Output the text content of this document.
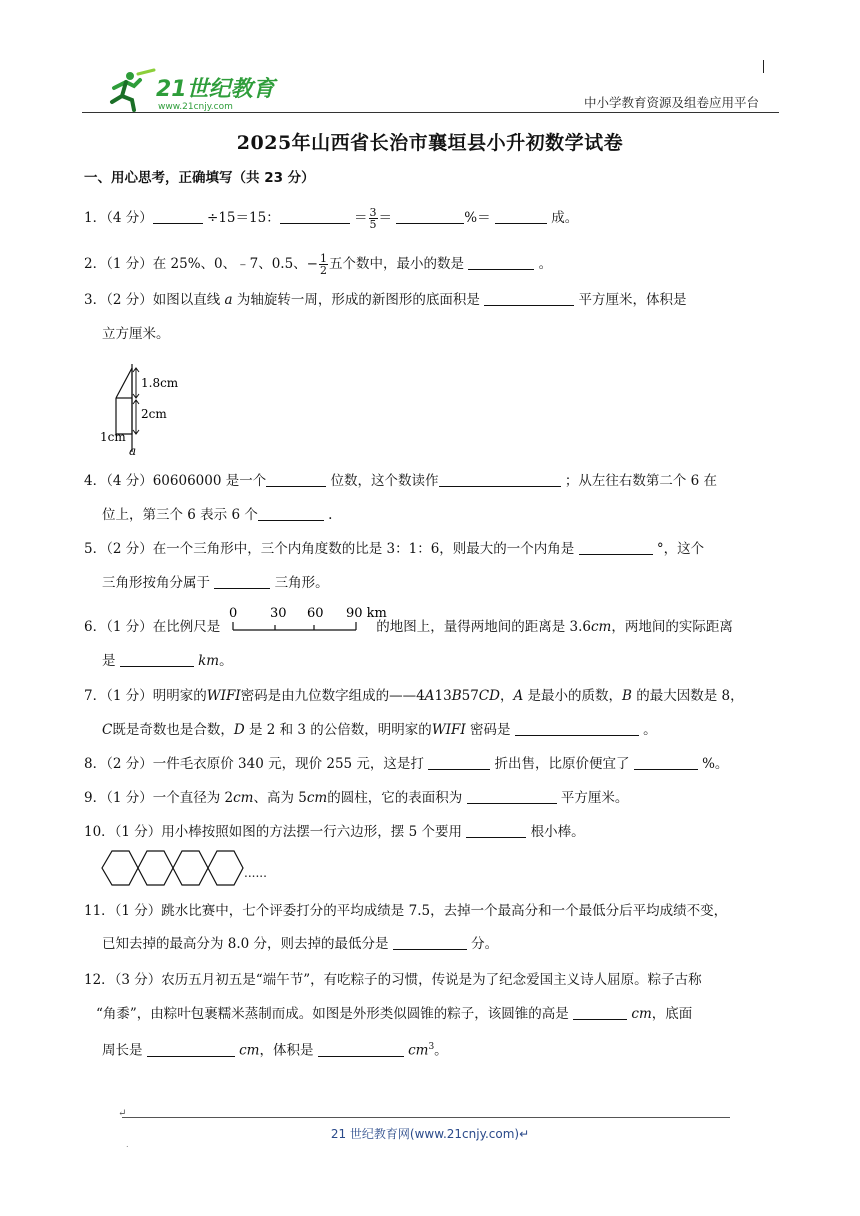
21世纪教育
www.21cnjy.com	中小学教育资源及组卷应用平台
2025年山西省长治市襄垣县小升初数学试卷
一、用心思考，正确填写（共 23 分）
1．（4 分）	÷15＝15：	＝ $\frac{3}{5}$ ＝	%＝	成。
2．（1 分）在 25%、0、﹣7、0.5、− $\frac{1}{2}$ 五个数中，最小的数是	。
3．（2 分）如图以直线 a 为轴旋转一周，形成的新图形的底面积是	平方厘米，体积是
立方厘米。
1.8cm
2cm
1cm
a
4．（4 分）60606000 是一个	位数，这个数读作	；从左往右数第二个 6 在
位上，第三个 6 表示 6 个	.
5．（2 分）在一个三角形中，三个内角度数的比是 3：1：6，则最大的一个内角是	°，这个
三角形按角分属于	三角形。
6．（1 分）在比例尺是	的地图上，量得两地间的距离是 3.6cm，两地间的实际距离
0	30 60 90 km
是	km。
7．（1 分）明明家的WIFI密码是由九位数字组成的——4A13B57CD，A 是最小的质数，B 的最大因数是 8，
C既是奇数也是合数，D 是 2 和 3 的公倍数，明明家的WIFI 密码是	。
8．（2 分）一件毛衣原价 340 元，现价 255 元，这是打	折出售，比原价便宜了	%。
9．（1 分）一个直径为 2cm、高为 5cm的圆柱，它的表面积为	平方厘米。
10．（1 分）用小棒按照如图的方法摆一行六边形，摆 5 个要用	根小棒。
......
11．（1 分）跳水比赛中，七个评委打分的平均成绩是 7.5，去掉一个最高分和一个最低分后平均成绩不变，
已知去掉的最高分为 8.0 分，则去掉的最低分是	分。
12．（3 分）农历五月初五是“端午节”，有吃粽子的习惯，传说是为了纪念爱国主义诗人屈原。粽子古称
“角黍”，由粽叶包裹糯米蒸制而成。如图是外形类似圆锥的粽子，该圆锥的高是	cm，底面
周长是	cm，体积是	$cm^3$。
↵
21 世纪教育网(www.21cnjy.com)↵
.
